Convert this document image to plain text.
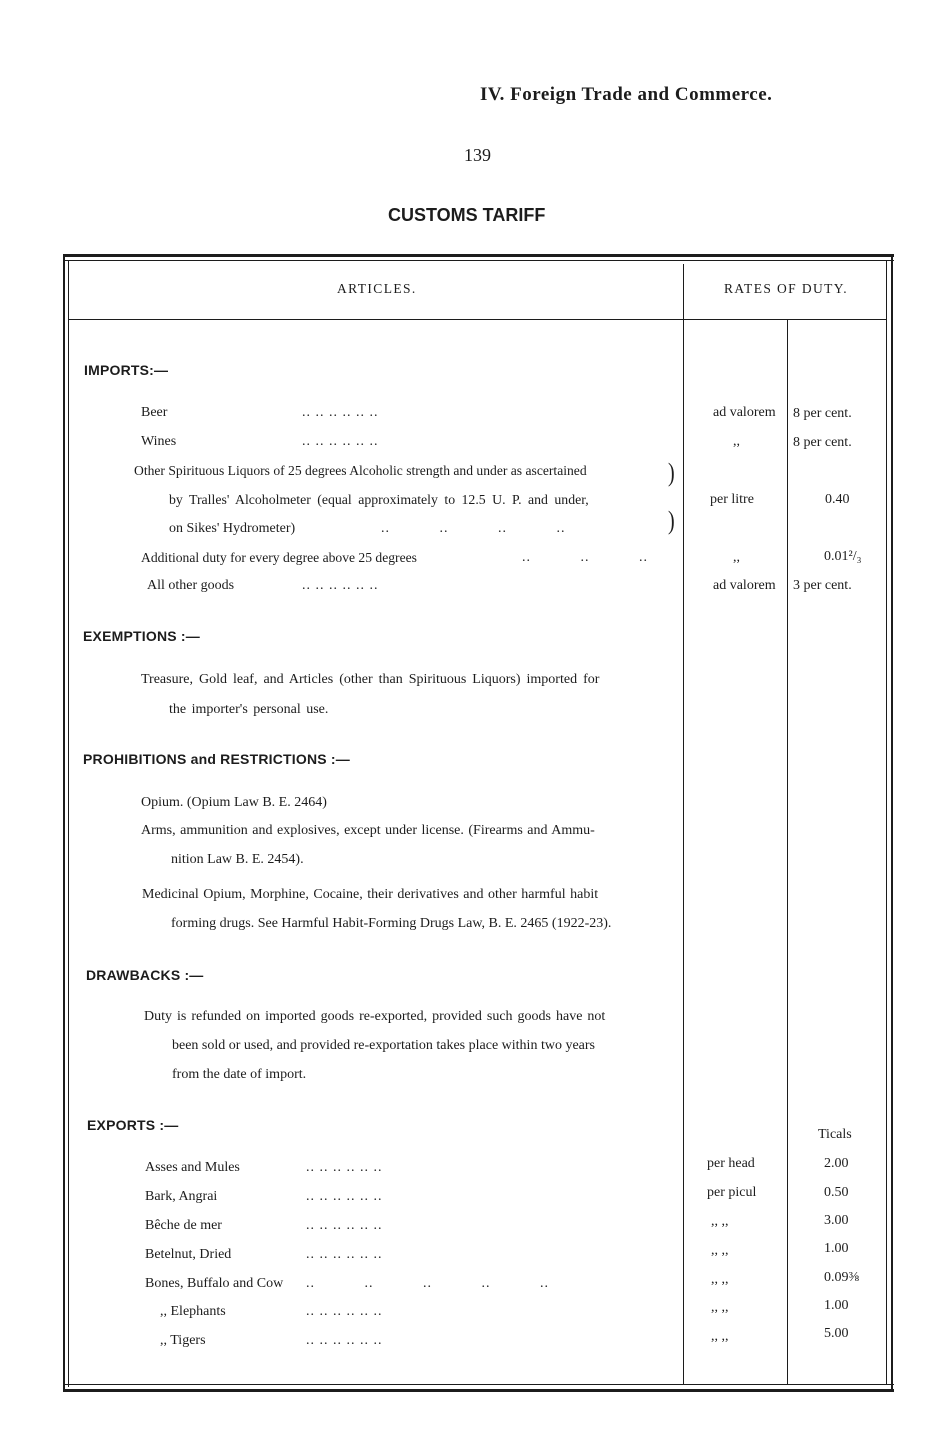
IV. Foreign Trade and Commerce.
139
CUSTOMS TARIFF
ARTICLES.	RATES OF DUTY.
IMPORTS:—
Beer	.. .. .. .. .. ..	ad valorem 8 per cent.
Wines	.. .. .. .. .. ..	,,	8 per cent.
Other Spirituous Liquors of 25 degrees Alcoholic strength and under as ascertained
by Tralles' Alcoholmeter (equal approximately to 12.5 U. P. and under,
on Sikes' Hydrometer)	..           ..           ..           ..
)
)
per litre	0.40
Additional duty for every degree above 25 degrees	..           ..           ..	,,	0.01²/₃
All other goods	.. .. .. .. .. ..	ad valorem 3 per cent.
EXEMPTIONS :—
Treasure, Gold leaf, and Articles (other than Spirituous Liquors) imported for
the importer's personal use.
PROHIBITIONS and RESTRICTIONS :—
Opium. (Opium Law B. E. 2464)
Arms, ammunition and explosives, except under license. (Firearms and Ammu-
nition Law B. E. 2454).
Medicinal Opium, Morphine, Cocaine, their derivatives and other harmful habit
forming drugs. See Harmful Habit-Forming Drugs Law, B. E. 2465 (1922-23).
DRAWBACKS :—
Duty is refunded on imported goods re-exported, provided such goods have not
been sold or used, and provided re-exportation takes place within two years
from the date of import.
EXPORTS :—
Ticals
Asses and Mules	.. .. .. .. .. ..	per head	2.00
Bark, Angrai	.. .. .. .. .. ..	per picul	0.50
Bêche de mer	.. .. .. .. .. ..	,, ,,	3.00
Betelnut, Dried	.. .. .. .. .. ..	,, ,,	1.00
Bones, Buffalo and Cow ..           ..           ..           ..           ..	,, ,,	0.09⅜
,, Elephants	.. .. .. .. .. ..	,, ,,	1.00
,, Tigers	.. .. .. .. .. ..	,, ,,	5.00
